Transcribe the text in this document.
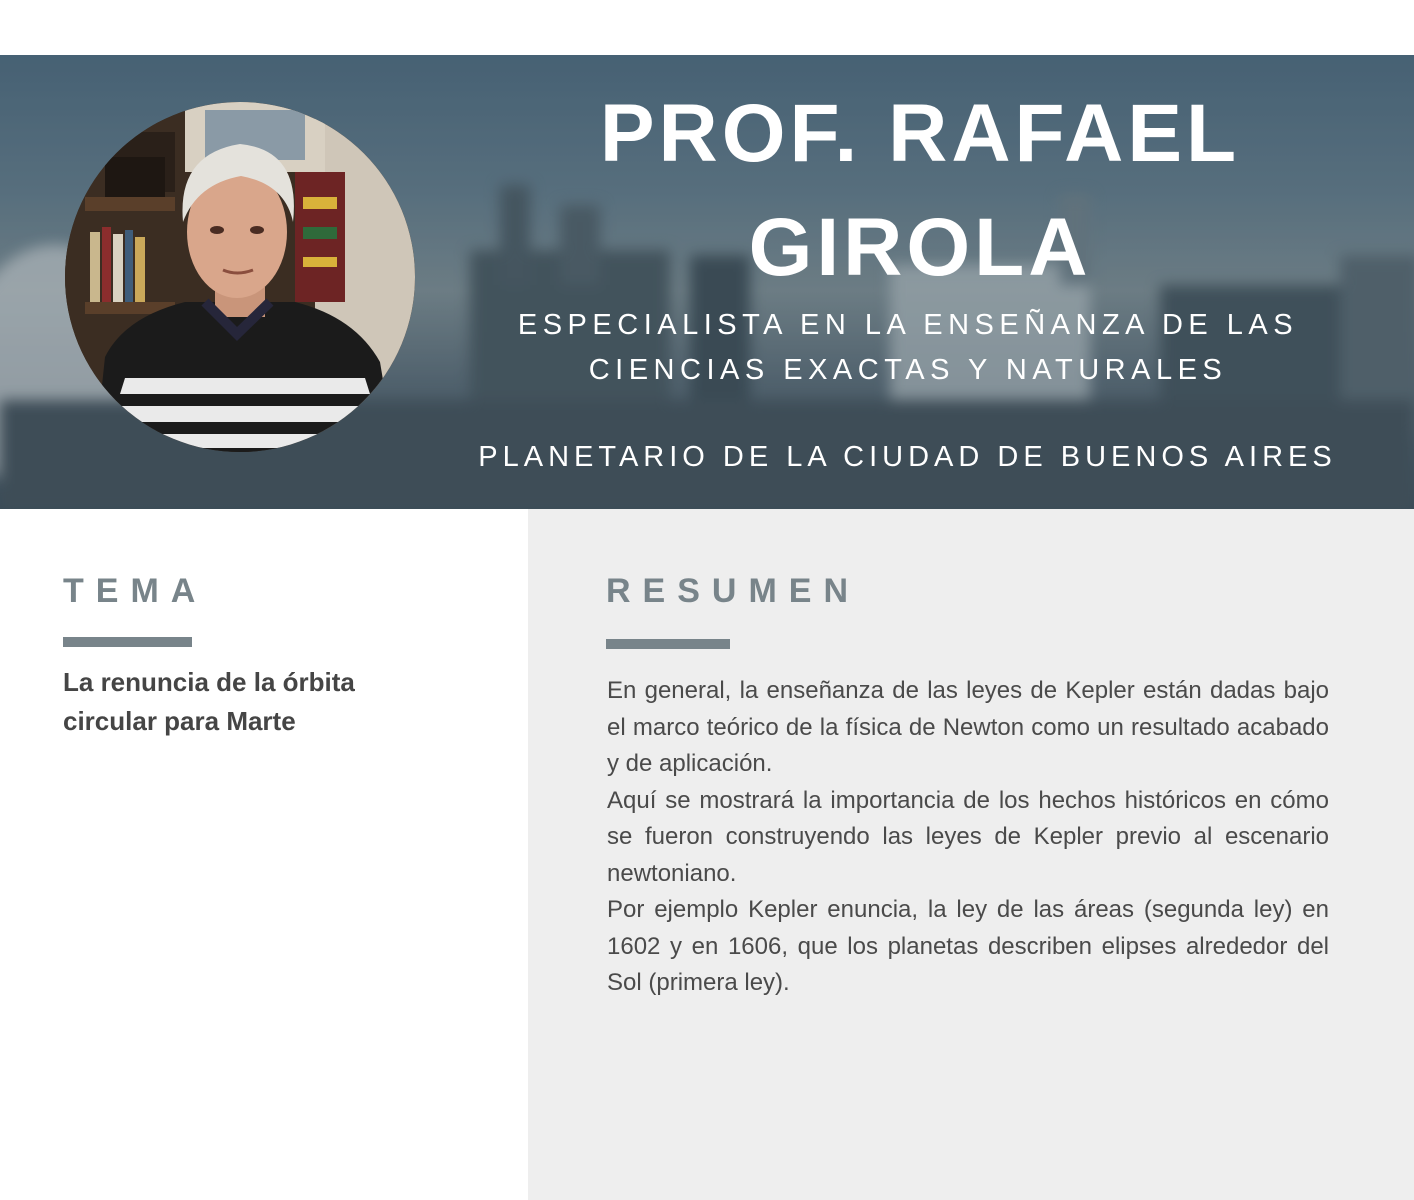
PROF. RAFAEL
GIROLA

ESPECIALISTA EN LA ENSEÑANZA DE LAS CIENCIAS EXACTAS Y NATURALES

PLANETARIO DE LA CIUDAD DE BUENOS AIRES

TEMA

La renuncia de la órbita circular para Marte

RESUMEN

En general, la enseñanza de las leyes de Kepler están dadas bajo el marco teórico de la física de Newton como un resultado acabado y de aplicación.

Aquí se mostrará la importancia de los hechos históricos en cómo se fueron construyendo las leyes de Kepler previo al escenario newtoniano.

Por ejemplo Kepler enuncia, la ley de las áreas (segunda ley) en 1602 y en 1606, que los planetas describen elipses alrededor del Sol (primera ley).
